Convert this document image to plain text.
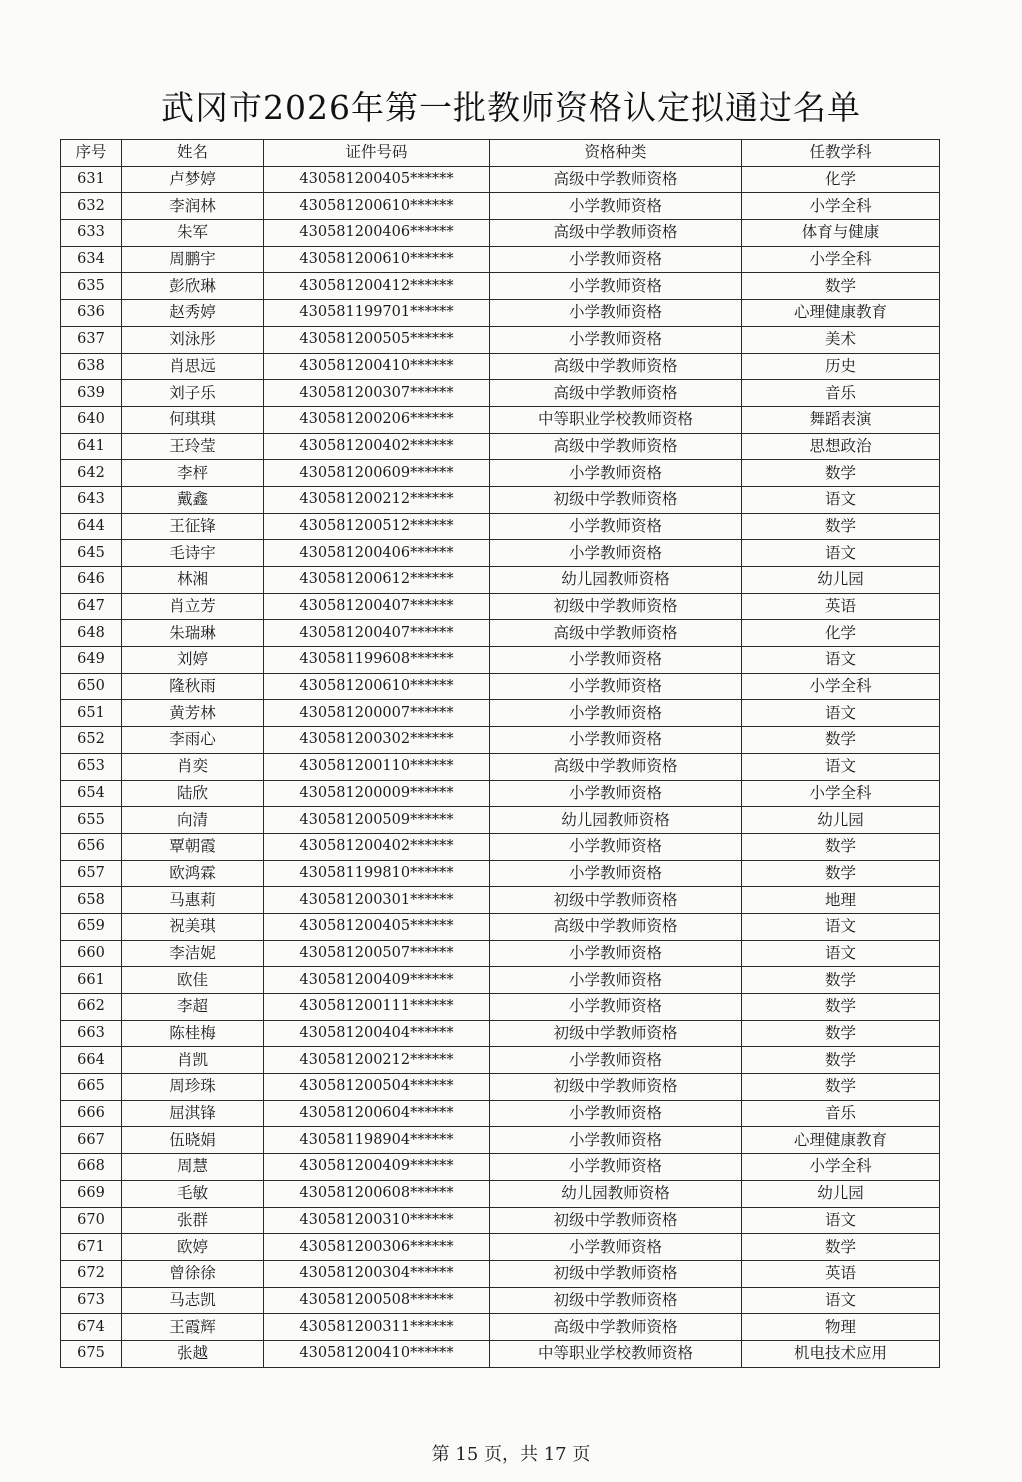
武冈市2026年第一批教师资格认定拟通过名单
序号	姓名	证件号码	资格种类	任教学科
631	卢梦婷	430581200405******	高级中学教师资格	化学
632	李润林	430581200610******	小学教师资格	小学全科
633	朱军	430581200406******	高级中学教师资格	体育与健康
634	周鹏宇	430581200610******	小学教师资格	小学全科
635	彭欣琳	430581200412******	小学教师资格	数学
636	赵秀婷	430581199701******	小学教师资格	心理健康教育
637	刘泳彤	430581200505******	小学教师资格	美术
638	肖思远	430581200410******	高级中学教师资格	历史
639	刘子乐	430581200307******	高级中学教师资格	音乐
640	何琪琪	430581200206******	中等职业学校教师资格	舞蹈表演
641	王玲莹	430581200402******	高级中学教师资格	思想政治
642	李枰	430581200609******	小学教师资格	数学
643	戴鑫	430581200212******	初级中学教师资格	语文
644	王征锋	430581200512******	小学教师资格	数学
645	毛诗宇	430581200406******	小学教师资格	语文
646	林湘	430581200612******	幼儿园教师资格	幼儿园
647	肖立芳	430581200407******	初级中学教师资格	英语
648	朱瑞琳	430581200407******	高级中学教师资格	化学
649	刘婷	430581199608******	小学教师资格	语文
650	隆秋雨	430581200610******	小学教师资格	小学全科
651	黄芳林	430581200007******	小学教师资格	语文
652	李雨心	430581200302******	小学教师资格	数学
653	肖奕	430581200110******	高级中学教师资格	语文
654	陆欣	430581200009******	小学教师资格	小学全科
655	向清	430581200509******	幼儿园教师资格	幼儿园
656	覃朝霞	430581200402******	小学教师资格	数学
657	欧鸿霖	430581199810******	小学教师资格	数学
658	马惠莉	430581200301******	初级中学教师资格	地理
659	祝美琪	430581200405******	高级中学教师资格	语文
660	李洁妮	430581200507******	小学教师资格	语文
661	欧佳	430581200409******	小学教师资格	数学
662	李超	430581200111******	小学教师资格	数学
663	陈桂梅	430581200404******	初级中学教师资格	数学
664	肖凯	430581200212******	小学教师资格	数学
665	周珍珠	430581200504******	初级中学教师资格	数学
666	屈淇锋	430581200604******	小学教师资格	音乐
667	伍晓娟	430581198904******	小学教师资格	心理健康教育
668	周慧	430581200409******	小学教师资格	小学全科
669	毛敏	430581200608******	幼儿园教师资格	幼儿园
670	张群	430581200310******	初级中学教师资格	语文
671	欧婷	430581200306******	小学教师资格	数学
672	曾徐徐	430581200304******	初级中学教师资格	英语
673	马志凯	430581200508******	初级中学教师资格	语文
674	王霞辉	430581200311******	高级中学教师资格	物理
675	张越	430581200410******	中等职业学校教师资格	机电技术应用
第 15 页，共 17 页
